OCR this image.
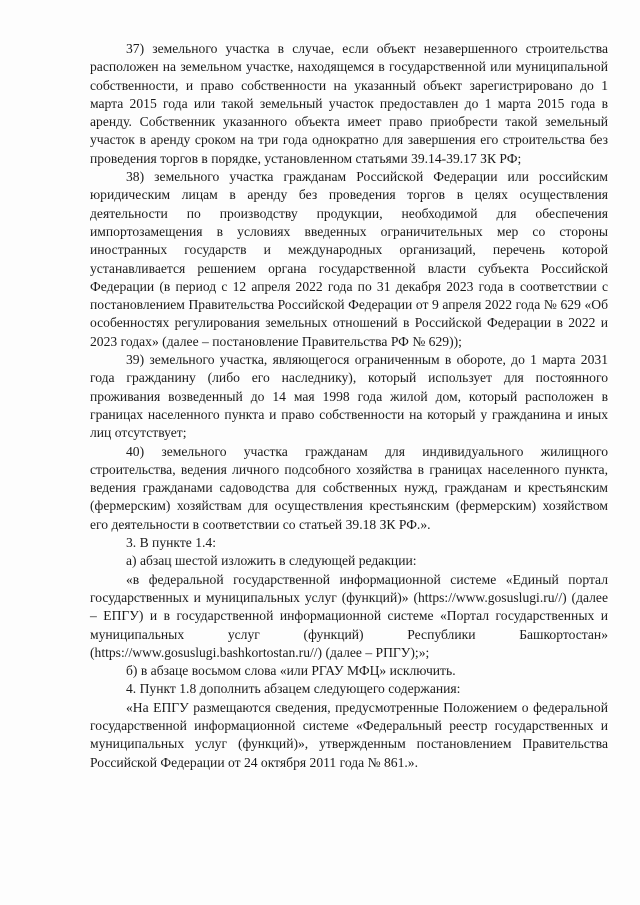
37) земельного участка в случае, если объект незавершенного строительства расположен на земельном участке, находящемся в государственной или муниципальной собственности, и право собственности на указанный объект зарегистрировано до 1 марта 2015 года или такой земельный участок предоставлен до 1 марта 2015 года в аренду. Собственник указанного объекта имеет право приобрести такой земельный участок в аренду сроком на три года однократно для завершения его строительства без проведения торгов в порядке, установленном статьями 39.14-39.17 ЗК РФ;

38) земельного участка гражданам Российской Федерации или российским юридическим лицам в аренду без проведения торгов в целях осуществления деятельности по производству продукции, необходимой для обеспечения импортозамещения в условиях введенных ограничительных мер со стороны иностранных государств и международных организаций, перечень которой устанавливается решением органа государственной власти субъекта Российской Федерации (в период с 12 апреля 2022 года по 31 декабря 2023 года в соответствии с постановлением Правительства Российской Федерации от 9 апреля 2022 года № 629 «Об особенностях регулирования земельных отношений в Российской Федерации в 2022 и 2023 годах» (далее – постановление Правительства РФ № 629));

39) земельного участка, являющегося ограниченным в обороте, до 1 марта 2031 года гражданину (либо его наследнику), который использует для постоянного проживания возведенный до 14 мая 1998 года жилой дом, который расположен в границах населенного пункта и право собственности на который у гражданина и иных лиц отсутствует;

40) земельного участка гражданам для индивидуального жилищного строительства, ведения личного подсобного хозяйства в границах населенного пункта, ведения гражданами садоводства для собственных нужд, гражданам и крестьянским (фермерским) хозяйствам для осуществления крестьянским (фермерским) хозяйством его деятельности в соответствии со статьей 39.18 ЗК РФ.».

3. В пункте 1.4:

а) абзац шестой изложить в следующей редакции:

«в федеральной государственной информационной системе «Единый портал государственных и муниципальных услуг (функций)» (https://www.gosuslugi.ru//) (далее – ЕПГУ) и в государственной информационной системе «Портал государственных и муниципальных услуг (функций) Республики Башкортостан» (https://www.gosuslugi.bashkortostan.ru//) (далее – РПГУ);»;

б) в абзаце восьмом слова «или РГАУ МФЦ» исключить.

4. Пункт 1.8 дополнить абзацем следующего содержания:

«На ЕПГУ размещаются сведения, предусмотренные Положением о федеральной государственной информационной системе «Федеральный реестр государственных и муниципальных услуг (функций)», утвержденным постановлением Правительства Российской Федерации от 24 октября 2011 года № 861.».
